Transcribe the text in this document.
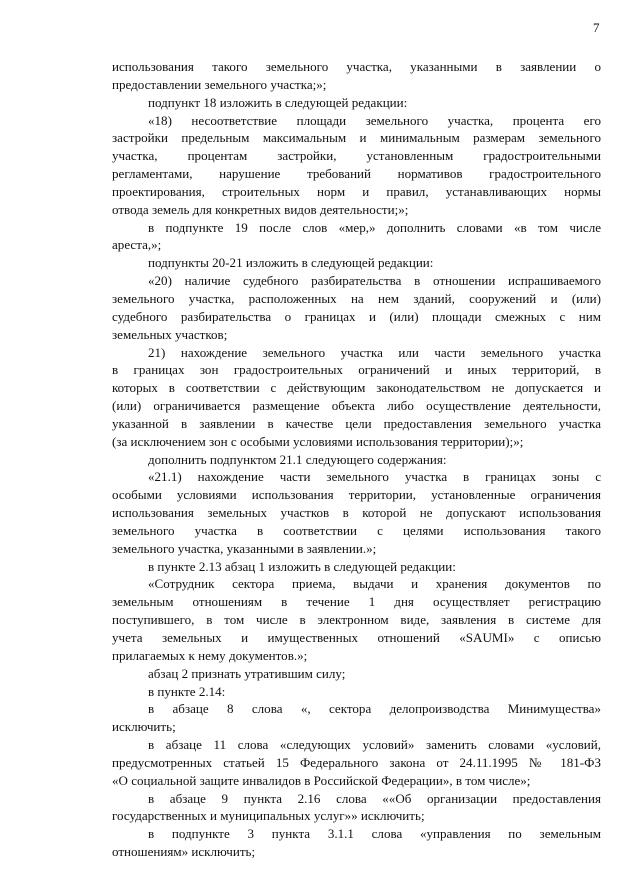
7

использования такого земельного участка, указанными в заявлении о

предоставлении земельного участка;»;

подпункт 18 изложить в следующей редакции:

«18) несоответствие площади земельного участка, процента его

застройки предельным максимальным и минимальным размерам земельного

участка, процентам застройки, установленным градостроительными

регламентами, нарушение требований нормативов градостроительного

проектирования, строительных норм и правил, устанавливающих нормы

отвода земель для конкретных видов деятельности;»;

в подпункте 19 после слов «мер,» дополнить словами «в том числе

ареста,»;

подпункты 20-21 изложить в следующей редакции:

«20) наличие судебного разбирательства в отношении испрашиваемого

земельного участка, расположенных на нем зданий, сооружений и (или)

судебного разбирательства о границах и (или) площади смежных с ним

земельных участков;

21) нахождение земельного участка или части земельного участка

в границах зон градостроительных ограничений и иных территорий, в

которых в соответствии с действующим законодательством не допускается и

(или) ограничивается размещение объекта либо осуществление деятельности,

указанной в заявлении в качестве цели предоставления земельного участка

(за исключением зон с особыми условиями использования территории);»;

дополнить подпунктом 21.1 следующего содержания:

«21.1) нахождение части земельного участка в границах зоны с

особыми условиями использования территории, установленные ограничения

использования земельных участков в которой не допускают использования

земельного участка в соответствии с целями использования такого

земельного участка, указанными в заявлении.»;

в пункте 2.13 абзац 1 изложить в следующей редакции:

«Сотрудник сектора приема, выдачи и хранения документов по

земельным отношениям в течение 1 дня осуществляет регистрацию

поступившего, в том числе в электронном виде, заявления в системе для

учета земельных и имущественных отношений «SAUMI» с описью

прилагаемых к нему документов.»;

абзац 2 признать утратившим силу;

в пункте 2.14:

в абзаце 8 слова «, сектора делопроизводства Минимущества»

исключить;

в абзаце 11 слова «следующих условий» заменить словами «условий,

предусмотренных статьей 15 Федерального закона от 24.11.1995 № 181-ФЗ

«О социальной защите инвалидов в Российской Федерации», в том числе»;

в абзаце 9 пункта 2.16 слова ««Об организации предоставления

государственных и муниципальных услуг»» исключить;

в подпункте 3 пункта 3.1.1 слова «управления по земельным

отношениям» исключить;
